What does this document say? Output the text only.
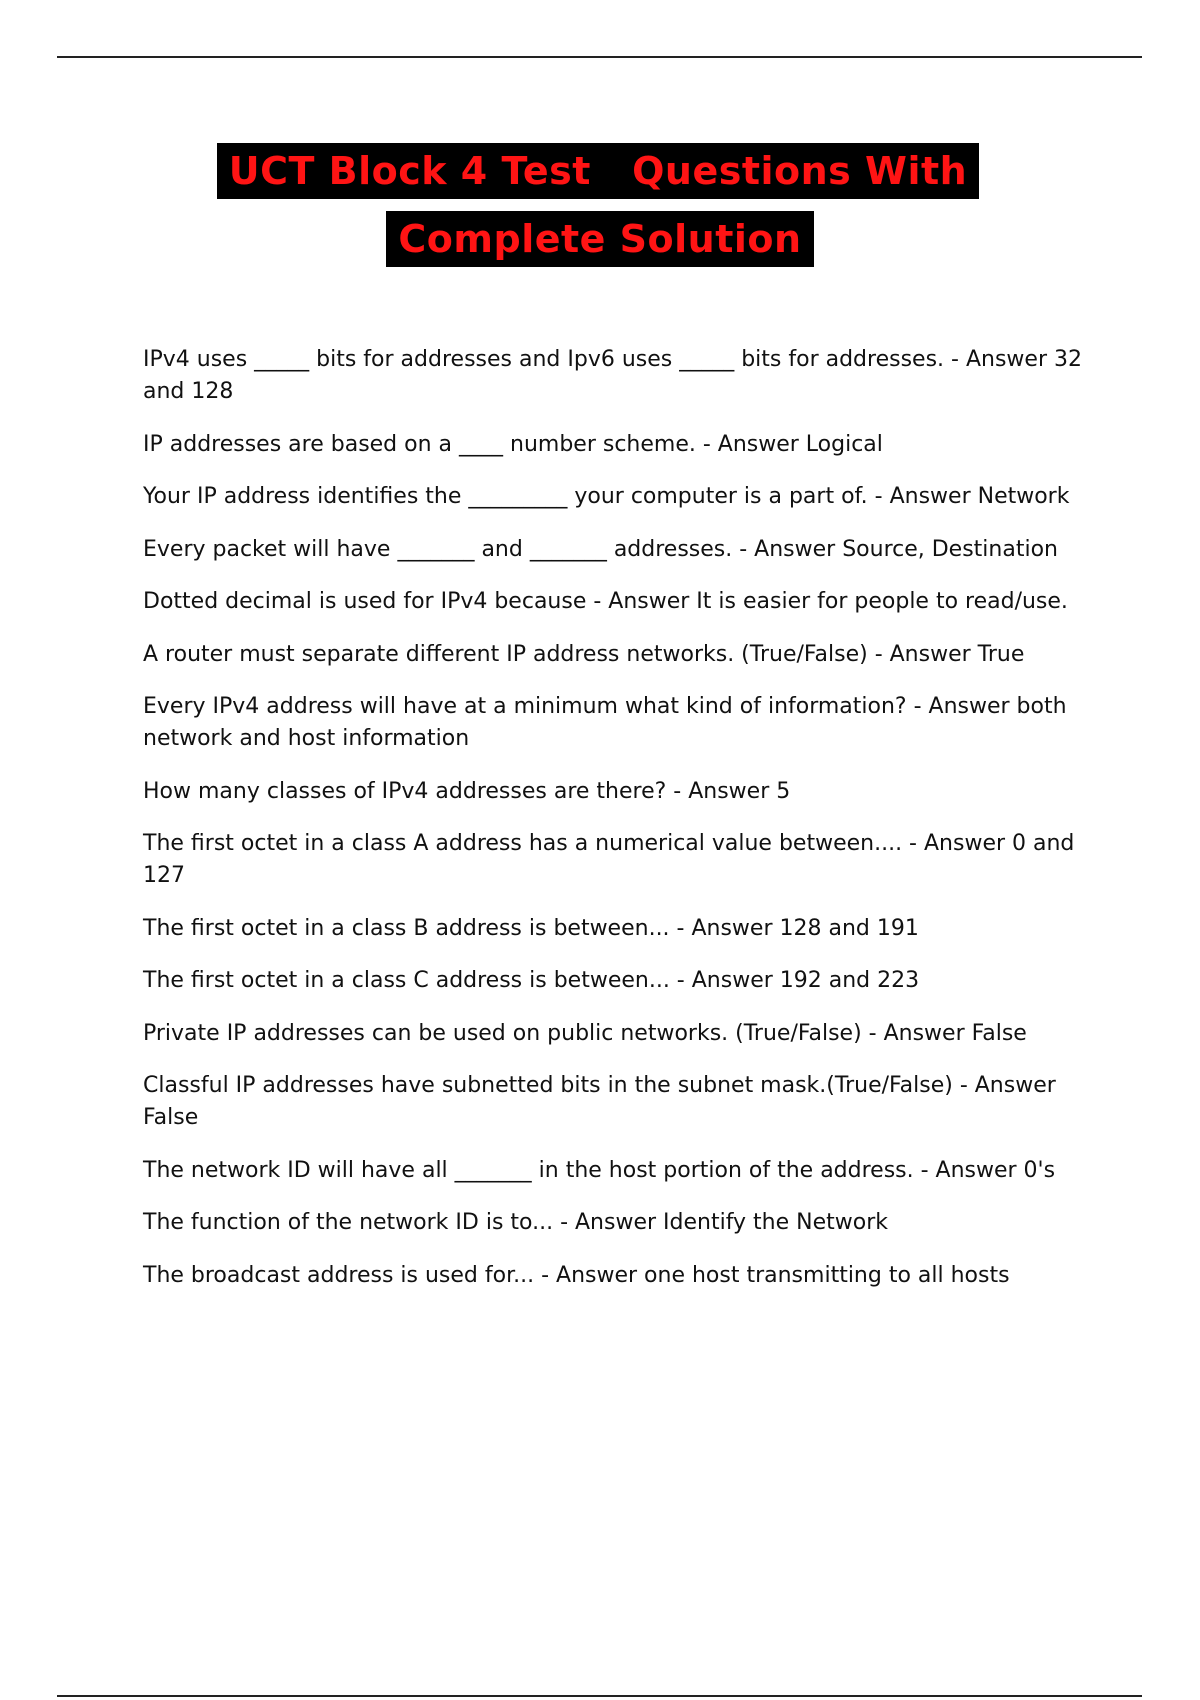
UCT Block 4 Test   Questions With
Complete Solution

IPv4 uses _____ bits for addresses and Ipv6 uses _____ bits for addresses. - Answer 32 and 128

IP addresses are based on a ____ number scheme. - Answer Logical

Your IP address identifies the _________ your computer is a part of. - Answer Network

Every packet will have _______ and _______ addresses. - Answer Source, Destination

Dotted decimal is used for IPv4 because - Answer It is easier for people to read/use.

A router must separate different IP address networks. (True/False) - Answer True

Every IPv4 address will have at a minimum what kind of information? - Answer both network and host information

How many classes of IPv4 addresses are there? - Answer 5

The first octet in a class A address has a numerical value between.... - Answer 0 and 127

The first octet in a class B address is between... - Answer 128 and 191

The first octet in a class C address is between... - Answer 192 and 223

Private IP addresses can be used on public networks. (True/False) - Answer False

Classful IP addresses have subnetted bits in the subnet mask.(True/False) - Answer False

The network ID will have all _______ in the host portion of the address. - Answer 0's

The function of the network ID is to... - Answer Identify the Network

The broadcast address is used for... - Answer one host transmitting to all hosts
